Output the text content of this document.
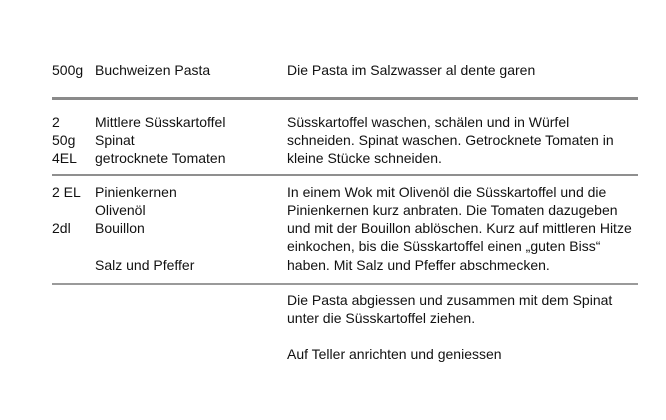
500g Buchweizen Pasta	Die Pasta im Salzwasser al dente garen
2	Mittlere Süsskartoffel
50g Spinat
4EL getrocknete Tomaten
Süsskartoffel waschen, schälen und in Würfel
schneiden. Spinat waschen. Getrocknete Tomaten in
kleine Stücke schneiden.
2 EL Pinienkernen
Olivenöl
2dl Bouillon
Salz und Pfeffer
In einem Wok mit Olivenöl die Süsskartoffel und die
Pinienkernen kurz anbraten. Die Tomaten dazugeben
und mit der Bouillon ablöschen. Kurz auf mittleren Hitze
einkochen, bis die Süsskartoffel einen „guten Biss“
haben. Mit Salz und Pfeffer abschmecken.
Die Pasta abgiessen und zusammen mit dem Spinat
unter die Süsskartoffel ziehen.
Auf Teller anrichten und geniessen
